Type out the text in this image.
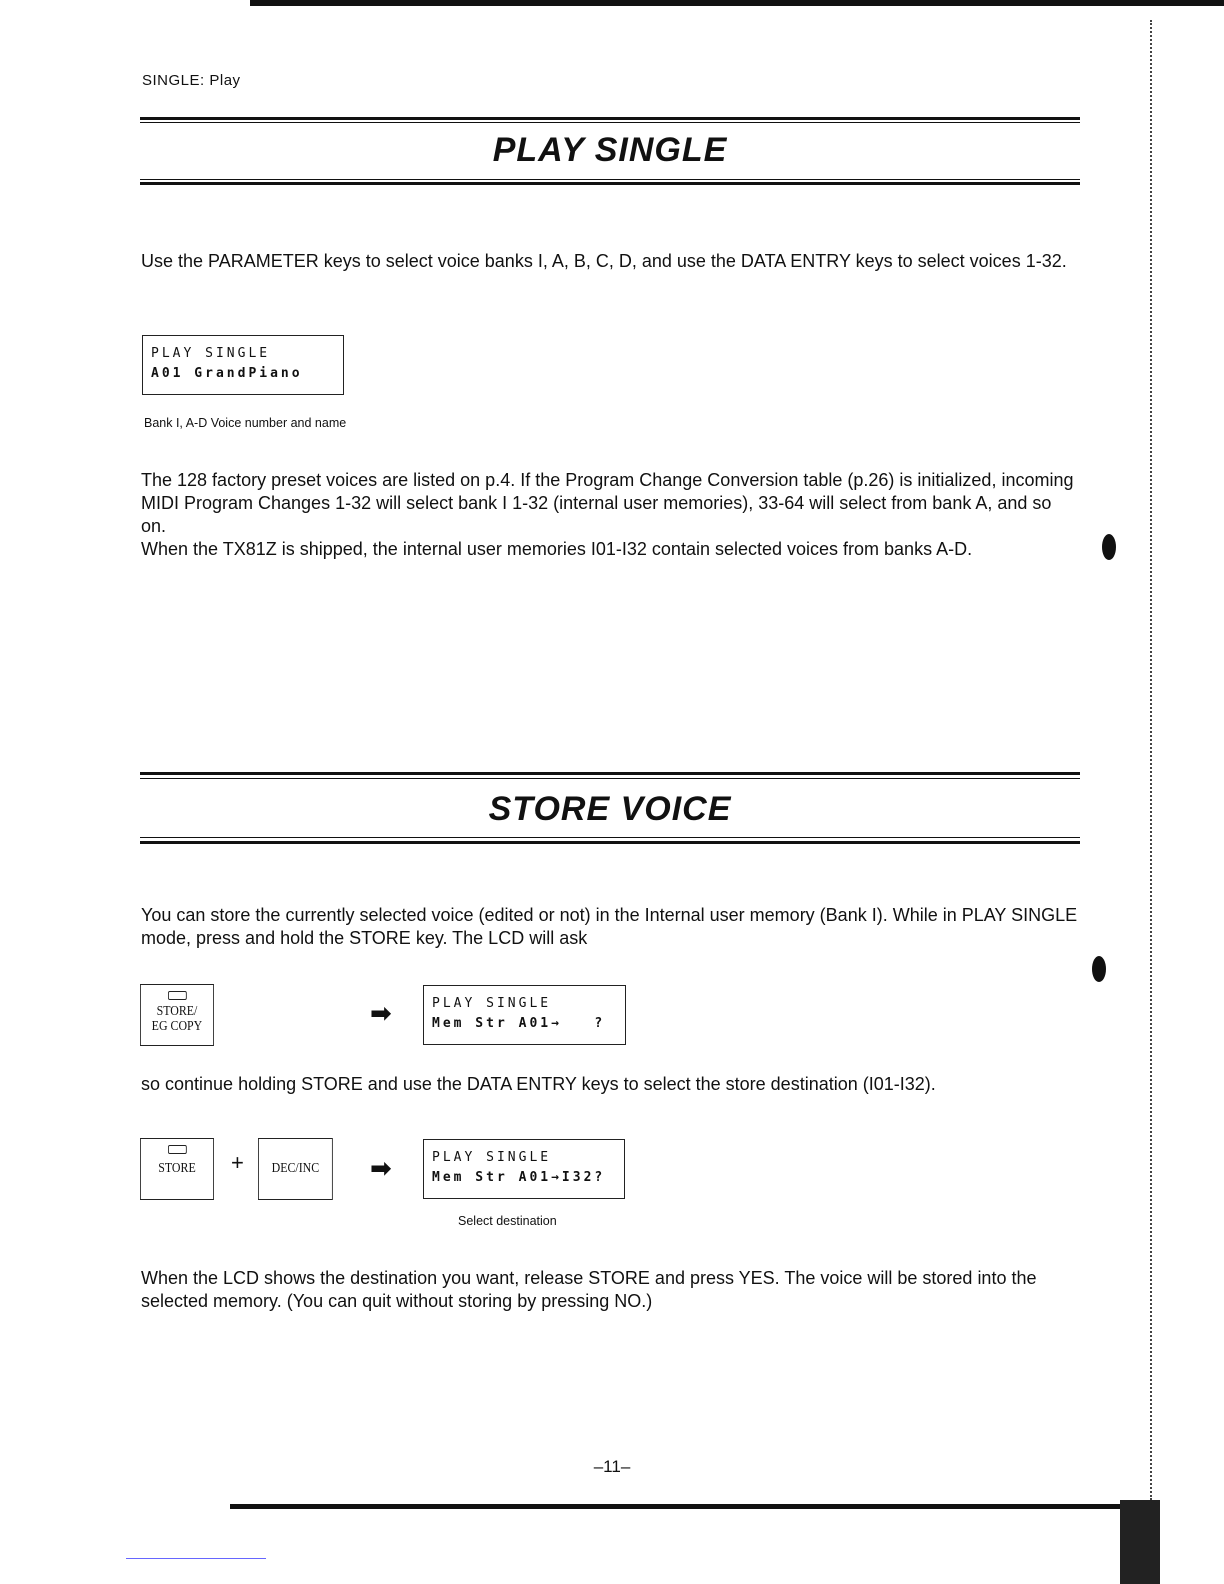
SINGLE: Play
PLAY SINGLE

Use the PARAMETER keys to select voice banks I, A, B, C, D, and use the DATA ENTRY keys to select voices 1-32.

PLAY SINGLE
A01 GrandPiano
Bank I, A-D Voice number and name

The 128 factory preset voices are listed on p.4. If the Program Change Conversion table (p.26) is initialized, incoming MIDI Program Changes 1-32 will select bank I 1-32 (internal user memories), 33-64 will select from bank A, and so on.

When the TX81Z is shipped, the internal user memories I01-I32 contain selected voices from banks A-D.

STORE VOICE

You can store the currently selected voice (edited or not) in the Internal user memory (Bank I). While in PLAY SINGLE mode, press and hold the STORE key. The LCD will ask

STORE/
EG COPY	➡	PLAY SINGLE
Mem Str A01→   ?

so continue holding STORE and use the DATA ENTRY keys to select the store destination (I01-I32).

STORE	+	DEC/INC	➡	PLAY SINGLE
Mem Str A01→I32?
Select destination

When the LCD shows the destination you want, release STORE and press YES. The voice will be stored into the selected memory. (You can quit without storing by pressing NO.)

–11–
